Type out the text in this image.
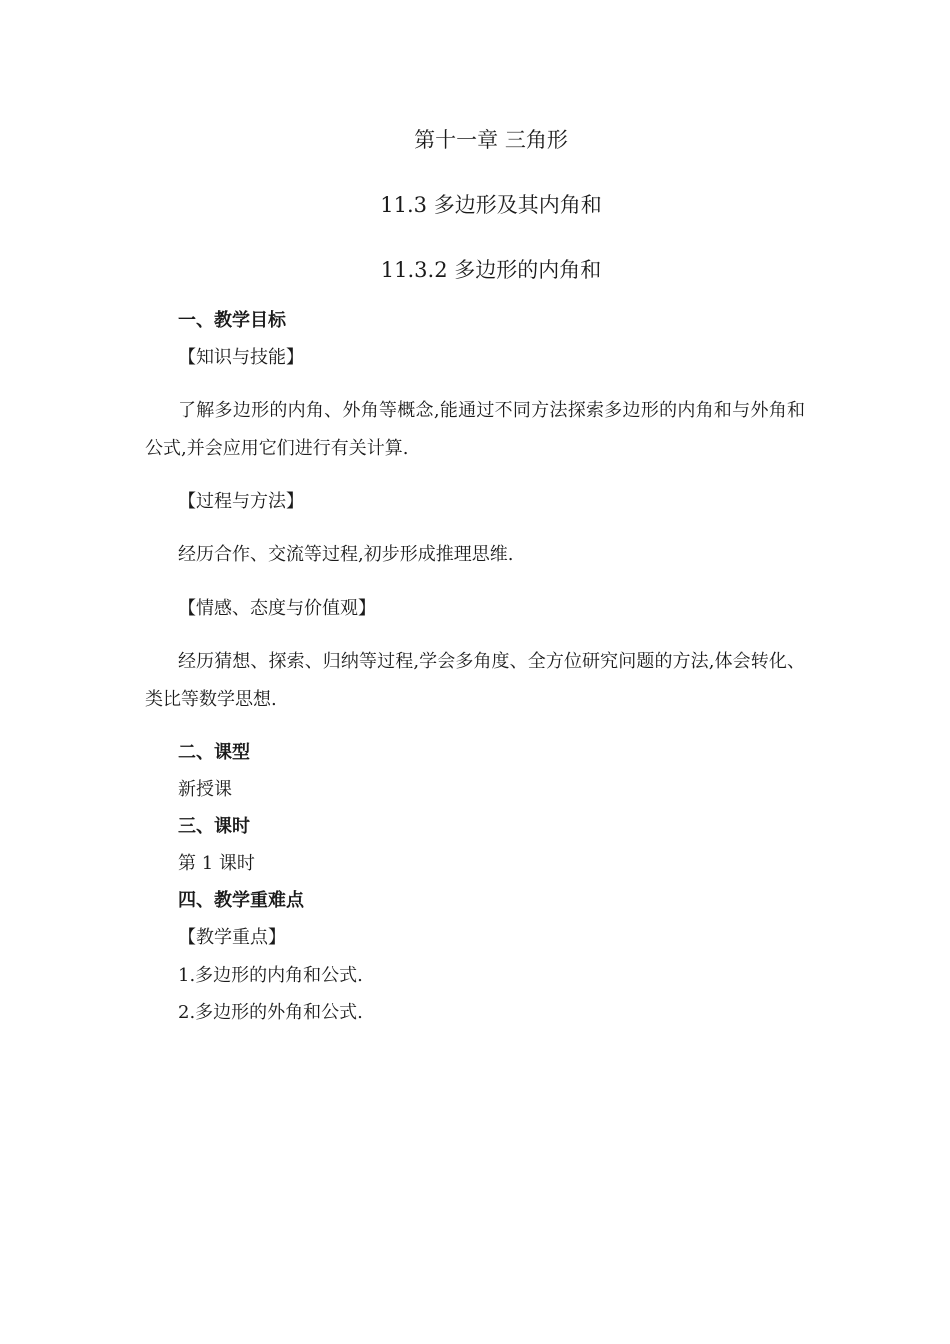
第十一章 三角形
11.3 多边形及其内角和
11.3.2 多边形的内角和
一、教学目标
【知识与技能】
了解多边形的内角、外角等概念,能通过不同方法探索多边形的内角和与外角和公式,并会应用它们进行有关计算.
【过程与方法】
经历合作、交流等过程,初步形成推理思维.
【情感、态度与价值观】
经历猜想、探索、归纳等过程,学会多角度、全方位研究问题的方法,体会转化、类比等数学思想.
二、课型
新授课
三、课时
第 1 课时
四、教学重难点
【教学重点】
1.多边形的内角和公式.
2.多边形的外角和公式.
